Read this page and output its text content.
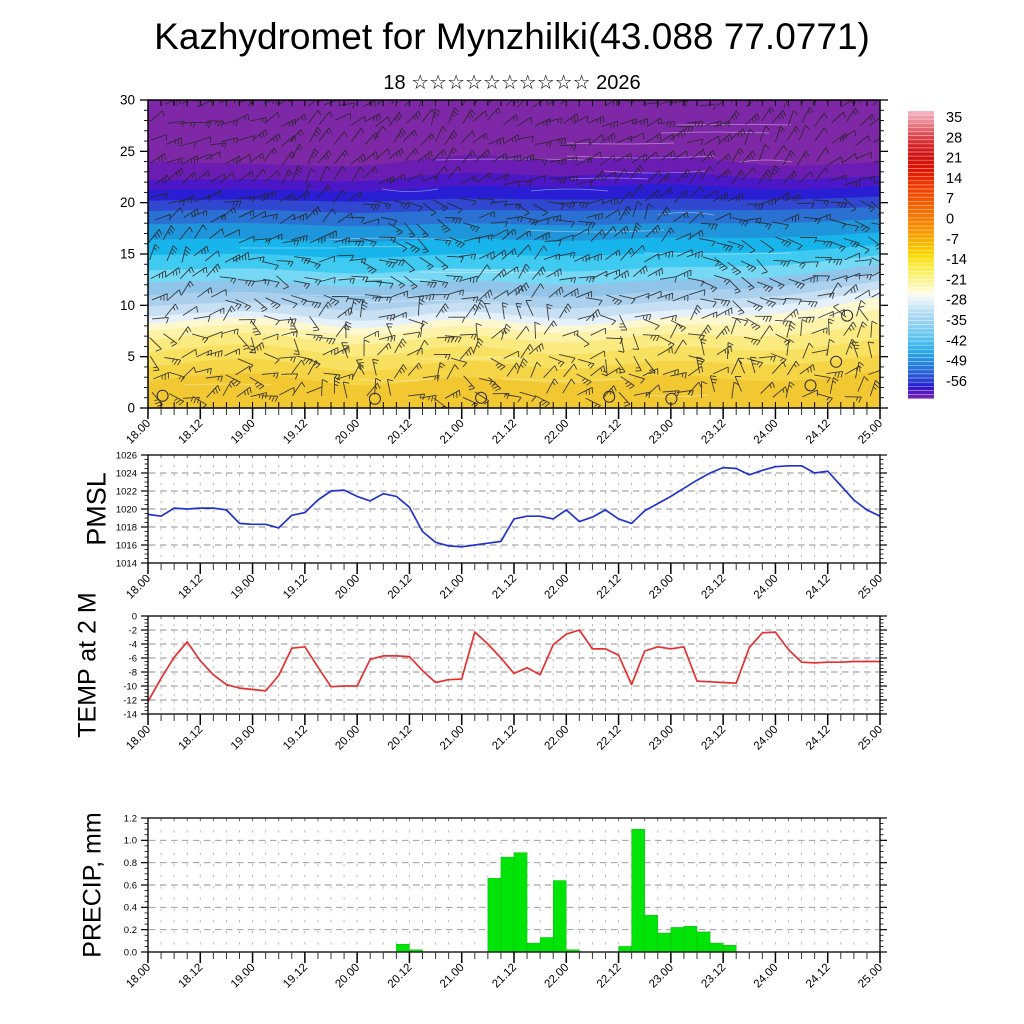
Kazhydromet for Mynzhilki(43.088 77.0771)
18 ☆☆☆☆☆☆☆☆☆☆ 2026
PMSL
TEMP at 2 M
PRECIP, mm
0
5
10
15
20
25
30
18.00 18.12 19.00 19.12 20.00 20.12 21.00 21.12 22.00 22.12 23.00 23.12 24.00 24.12 25.00
35
28
21
14
7
0
-7
-14
-21
-28
-35
-42
-49
-56
1014
1016
1018
1020
1022
1024
1026
18.00 18.12 19.00 19.12 20.00 20.12 21.00 21.12 22.00 22.12 23.00 23.12 24.00 24.12 25.00
0
-2
-4
-6
-8
-10
-12
-14
18.00 18.12 19.00 19.12 20.00 20.12 21.00 21.12 22.00 22.12 23.00 23.12 24.00 24.12 25.00
0.0
0.2
0.4
0.6
0.8
1.0
1.2
18.00 18.12 19.00 19.12 20.00 20.12 21.00 21.12 22.00 22.12 23.00 23.12 24.00 24.12 25.00
